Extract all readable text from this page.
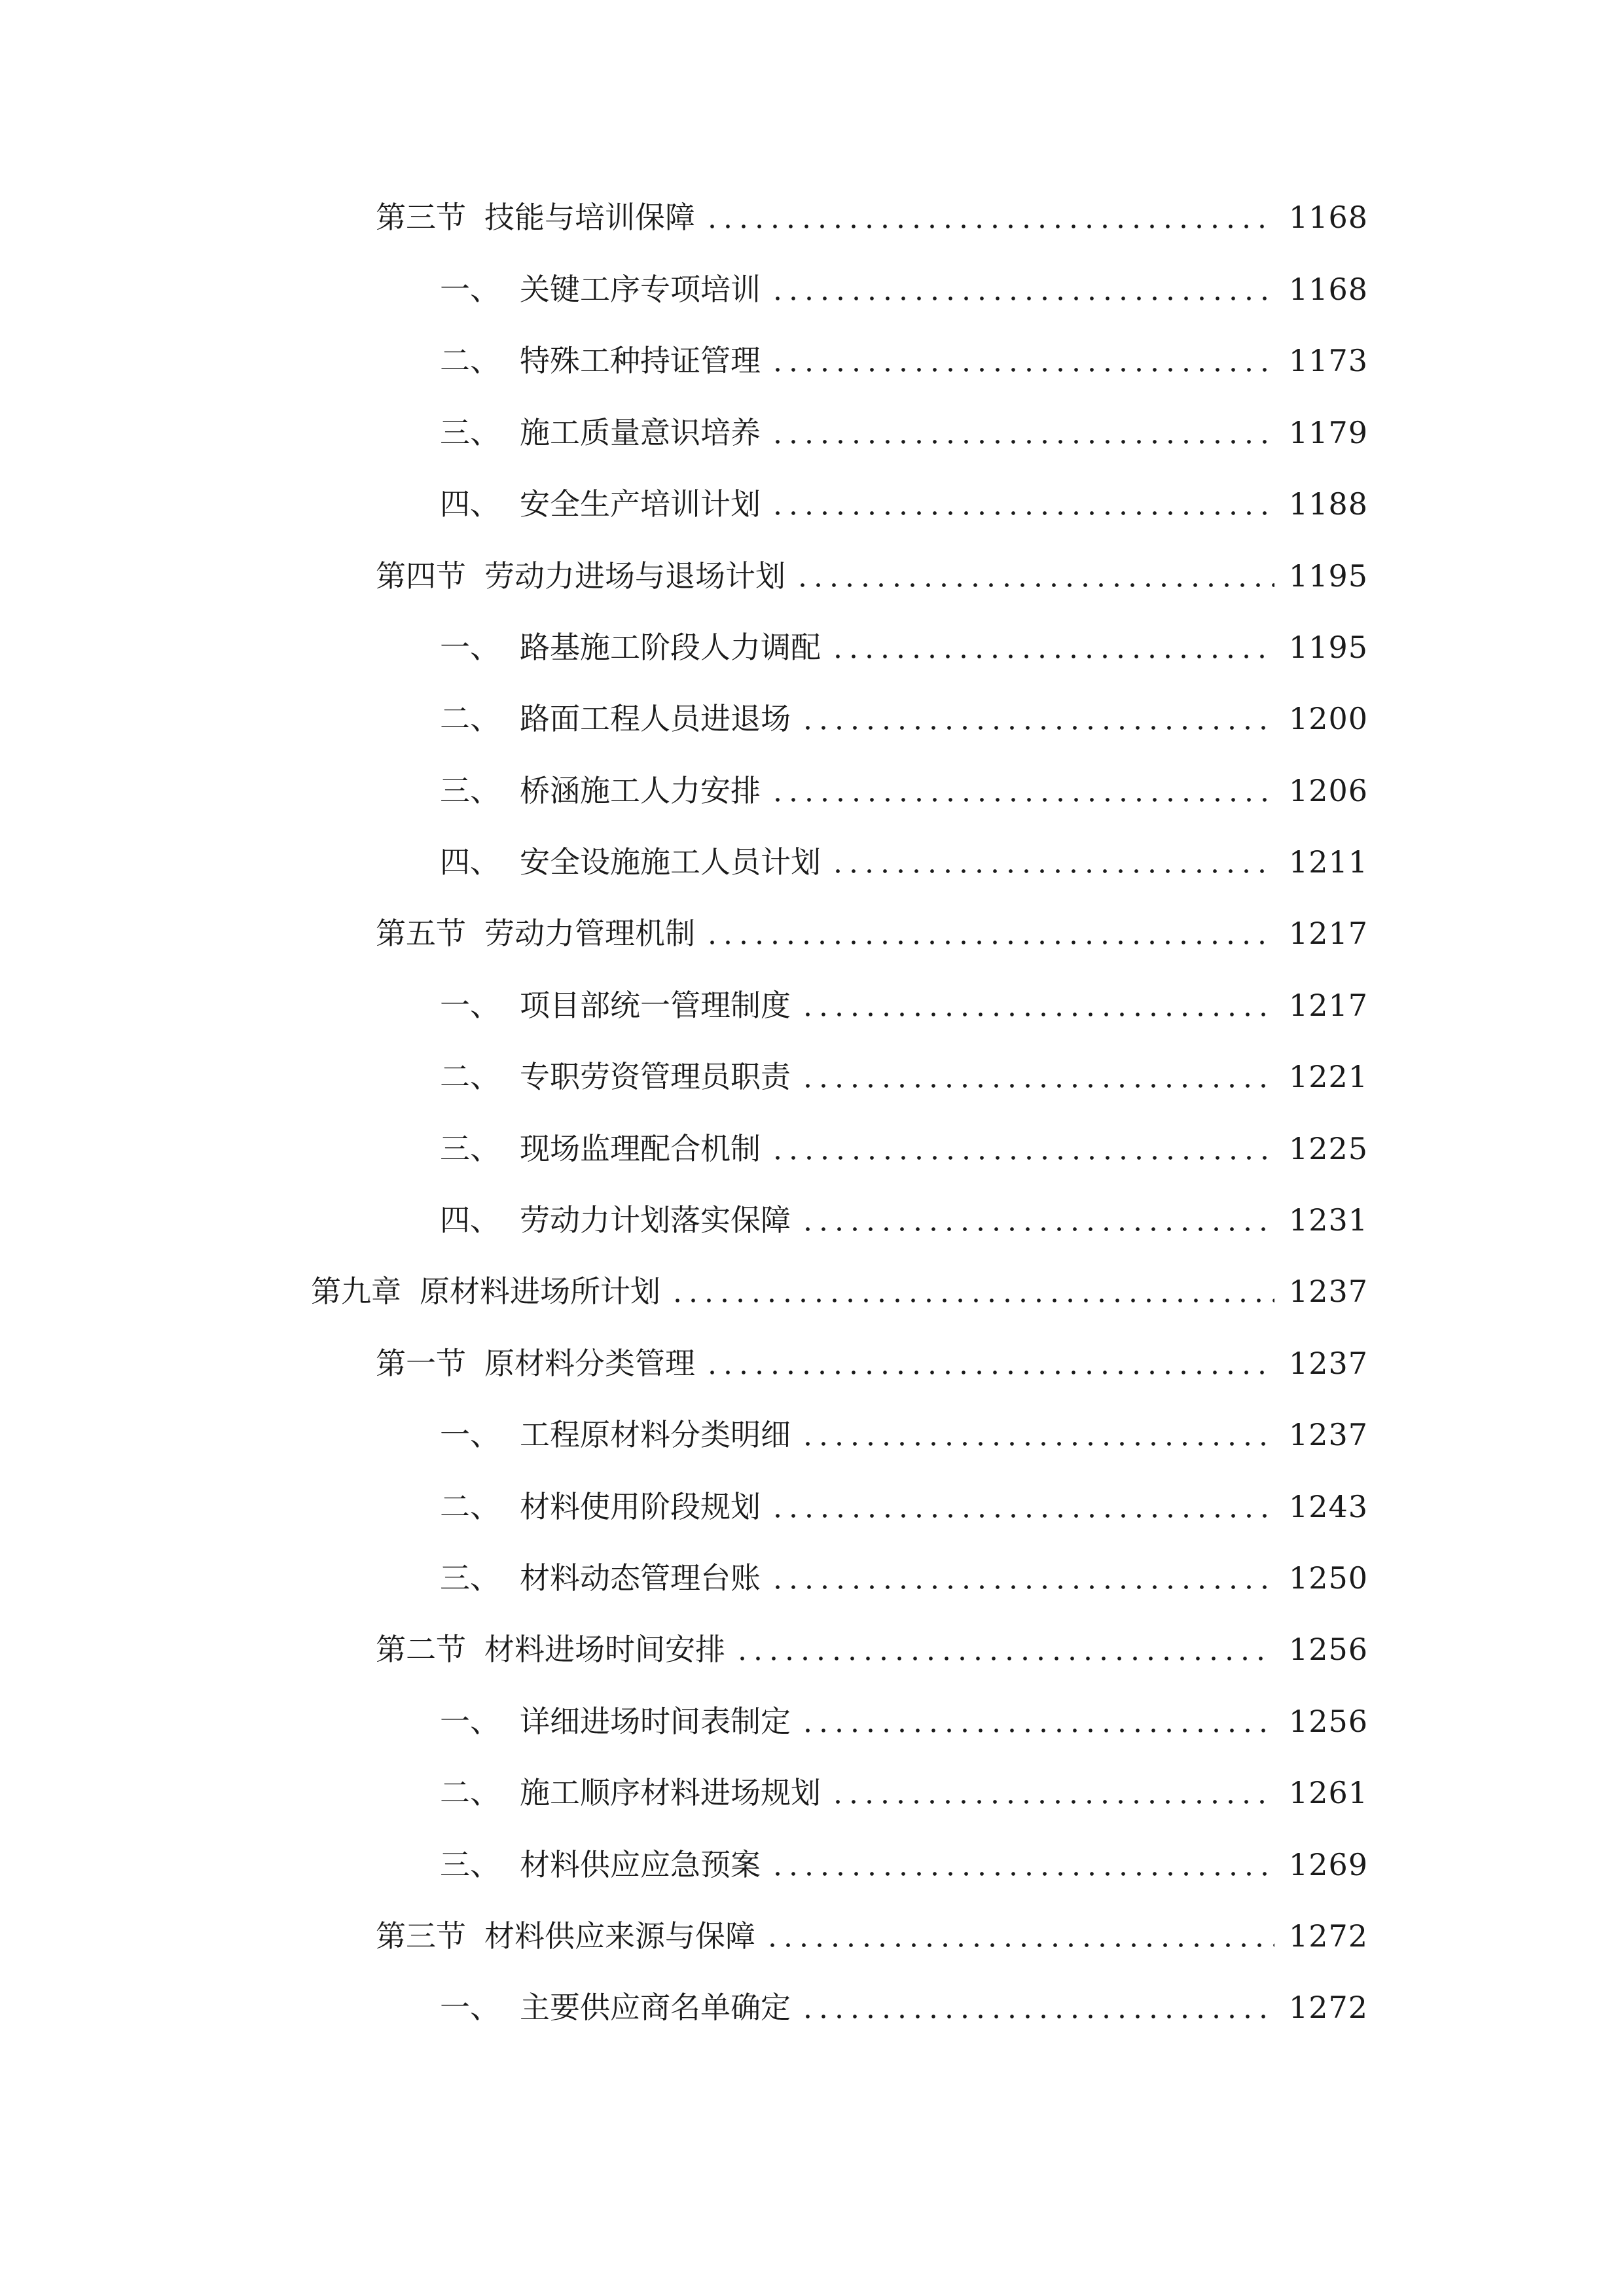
第三节 技能与培训保障	1168
一、 关键工序专项培训	1168
二、 特殊工种持证管理	1173
三、 施工质量意识培养	1179
四、 安全生产培训计划	1188
第四节 劳动力进场与退场计划	1195
一、 路基施工阶段人力调配	1195
二、 路面工程人员进退场	1200
三、 桥涵施工人力安排	1206
四、 安全设施施工人员计划	1211
第五节 劳动力管理机制	1217
一、 项目部统一管理制度	1217
二、 专职劳资管理员职责	1221
三、 现场监理配合机制	1225
四、 劳动力计划落实保障	1231
第九章 原材料进场所计划	1237
第一节 原材料分类管理	1237
一、 工程原材料分类明细	1237
二、 材料使用阶段规划	1243
三、 材料动态管理台账	1250
第二节 材料进场时间安排	1256
一、 详细进场时间表制定	1256
二、 施工顺序材料进场规划	1261
三、 材料供应应急预案	1269
第三节 材料供应来源与保障	1272
一、 主要供应商名单确定	1272
